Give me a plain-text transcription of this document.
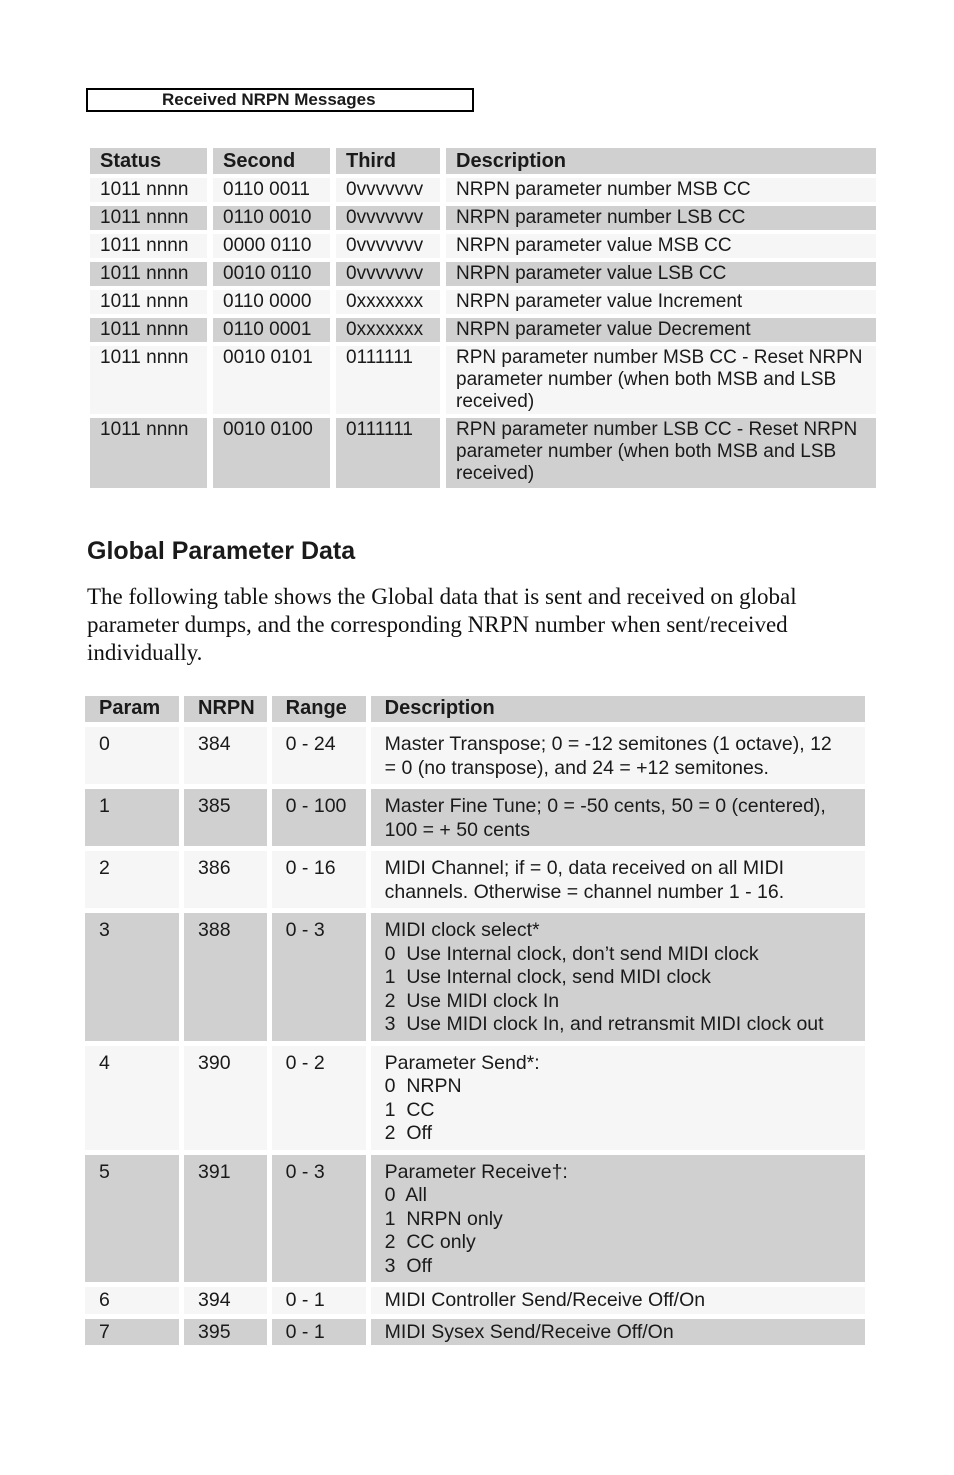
Received NRPN Messages
Status	Second	Third	Description
1011 nnnn	0110 0011	0vvvvvvv	NRPN parameter number MSB CC
1011 nnnn	0110 0010	0vvvvvvv	NRPN parameter number LSB CC
1011 nnnn	0000 0110	0vvvvvvv	NRPN parameter value MSB CC
1011 nnnn	0010 0110	0vvvvvvv	NRPN parameter value LSB CC
1011 nnnn	0110 0000	0xxxxxxx	NRPN parameter value Increment
1011 nnnn	0110 0001	0xxxxxxx	NRPN parameter value Decrement
1011 nnnn	0010 0101	0111111	RPN parameter number MSB CC - Reset NRPN parameter number (when both MSB and LSB received)
1011 nnnn	0010 0100	0111111	RPN parameter number LSB CC - Reset NRPN parameter number (when both MSB and LSB received)
Global Parameter Data

The following table shows the Global data that is sent and received on global parameter dumps, and the corresponding NRPN number when sent/received individually.

Param	NRPN	Range	Description
0	384	0 - 24	Master Transpose; 0 = -12 semitones (1 octave), 12
= 0 (no transpose), and 24 = +12 semitones.

1	385	0 - 100	Master Fine Tune; 0 = -50 cents, 50 = 0 (centered),
100 = + 50 cents

2	386	0 - 16	MIDI Channel; if = 0, data received on all MIDI
channels. Otherwise = channel number 1 - 16.

3	388	0 - 3	MIDI clock select*
0  Use Internal clock, don’t send MIDI clock
1  Use Internal clock, send MIDI clock
2  Use MIDI clock In
3  Use MIDI clock In, and retransmit MIDI clock out

4	390	0 - 2	Parameter Send*:
0  NRPN
1  CC
2  Off

5	391	0 - 3	Parameter Receive†:
0  All
1  NRPN only
2  CC only
3  Off

6	394	0 - 1	MIDI Controller Send/Receive Off/On

7	395	0 - 1	MIDI Sysex Send/Receive Off/On
